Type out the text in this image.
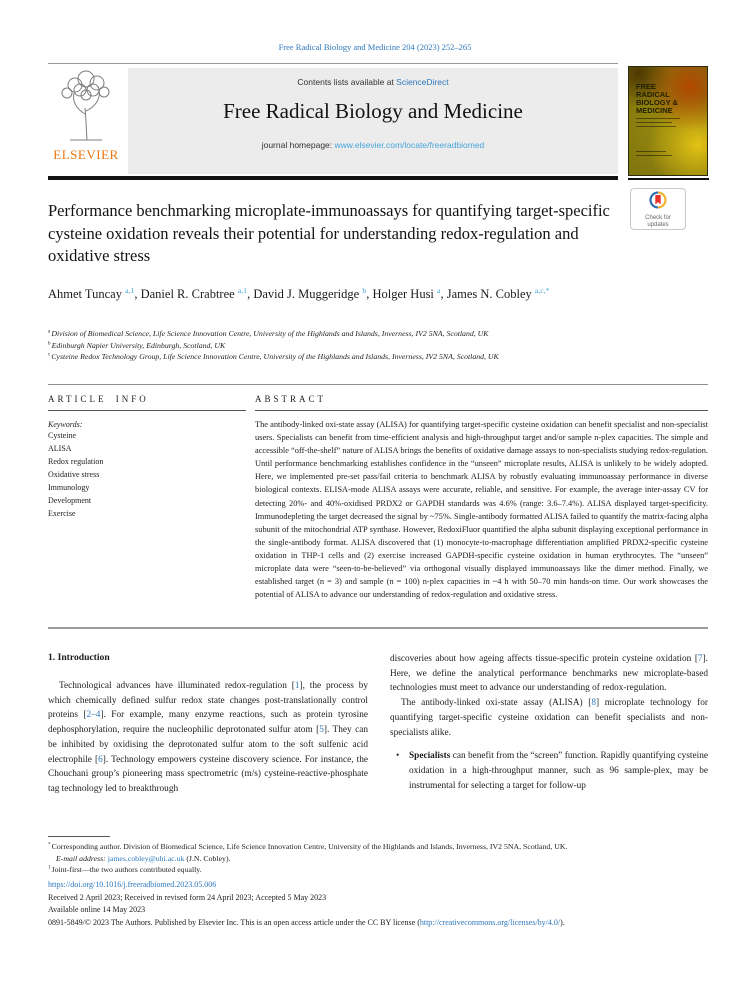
Free Radical Biology and Medicine 204 (2023) 252–265
ELSEVIER
Contents lists available at ScienceDirect
Free Radical Biology and Medicine
journal homepage: www.elsevier.com/locate/freeradbiomed
FREE
RADICAL
BIOLOGY &
MEDICINE
Performance benchmarking microplate-immunoassays for quantifying target-specific cysteine oxidation reveals their potential for understanding redox-regulation and oxidative stress
Check for updates
Ahmet Tuncay $^{a,1}$, Daniel R. Crabtree $^{a,1}$, David J. Muggeridge $^b$, Holger Husi $^a$, James N. Cobley $^{a,c,*}$
$^a$ Division of Biomedical Science, Life Science Innovation Centre, University of the Highlands and Islands, Inverness, IV2 5NA, Scotland, UK
$^b$ Edinburgh Napier University, Edinburgh, Scotland, UK
$^c$ Cysteine Redox Technology Group, Life Science Innovation Centre, University of the Highlands and Islands, Inverness, IV2 5NA, Scotland, UK
ARTICLE INFO
Keywords:
Cysteine
ALISA
Redox regulation
Oxidative stress
Immunology
Development
Exercise
ABSTRACT
The antibody-linked oxi-state assay (ALISA) for quantifying target-specific cysteine oxidation can benefit specialist and non-specialist users. Specialists can benefit from time-efficient analysis and high-throughput target and/or sample n-plex capacities. The simple and accessible “off-the-shelf” nature of ALISA brings the benefits of oxidative damage assays to non-specialists studying redox-regulation. Until performance benchmarking establishes confidence in the “unseen” microplate results, ALISA is unlikely to be widely adopted. Here, we implemented pre-set pass/fail criteria to benchmark ALISA by robustly evaluating immunoassay performance in diverse biological contexts. ELISA-mode ALISA assays were accurate, reliable, and sensitive. For example, the average inter-assay CV for detecting 20%- and 40%-oxidised PRDX2 or GAPDH standards was 4.6% (range: 3.6–7.4%). ALISA displayed target-specificity. Immunodepleting the target decreased the signal by ~75%. Single-antibody formatted ALISA failed to quantify the matrix-facing alpha subunit of the mitochondrial ATP synthase. However, RedoxiFluor quantified the alpha subunit displaying exceptional performance in the single-antibody format. ALISA discovered that (1) monocyte-to-macrophage differentiation amplified PRDX2-specific cysteine oxidation in THP-1 cells and (2) exercise increased GAPDH-specific cysteine oxidation in human erythrocytes. The “unseen” microplate data were “seen-to-be-believed” via orthogonal visually displayed immunoassays like the dimer method. Finally, we established target (n = 3) and sample (n = 100) n-plex capacities in ~4 h with 50–70 min hands-on time. Our work showcases the potential of ALISA to advance our understanding of redox-regulation and oxidative stress.
1. Introduction

Technological advances have illuminated redox-regulation [1], the process by which chemically defined sulfur redox state changes post-translationally control proteins [2–4]. For example, many enzyme reactions, such as protein tyrosine dephosphorylation, require the nucleophilic deprotonated sulfur atom [5]. They can be inhibited by oxidising the deprotonated sulfur atom to the soft sulfenic acid electrophile [6]. Technology empowers cysteine discovery science. For instance, the Chouchani group’s pioneering mass spectrometric (m/s) cysteine-reactive-phosphate tag technology led to breakthrough

discoveries about how ageing affects tissue-specific protein cysteine oxidation [7]. Here, we define the analytical performance benchmarks new microplate-based technologies must meet to advance our understanding of redox-regulation.

The antibody-linked oxi-state assay (ALISA) [8] microplate technology for quantifying target-specific cysteine oxidation can benefit specialists and non-specialists alike.

• Specialists can benefit from the “screen” function. Rapidly quantifying cysteine oxidation in a high-throughput manner, such as 96 sample-plex, may be instrumental for selecting a target for follow-up
* Corresponding author. Division of Biomedical Science, Life Science Innovation Centre, University of the Highlands and Islands, Inverness, IV2 5NA, Scotland, UK.
E-mail address: james.cobley@uhi.ac.uk (J.N. Cobley).
$^1$ Joint-first—the two authors contributed equally.
https://doi.org/10.1016/j.freeradbiomed.2023.05.006
Received 2 April 2023; Received in revised form 24 April 2023; Accepted 5 May 2023
Available online 14 May 2023
0891-5849/© 2023 The Authors. Published by Elsevier Inc. This is an open access article under the CC BY license (http://creativecommons.org/licenses/by/4.0/).
